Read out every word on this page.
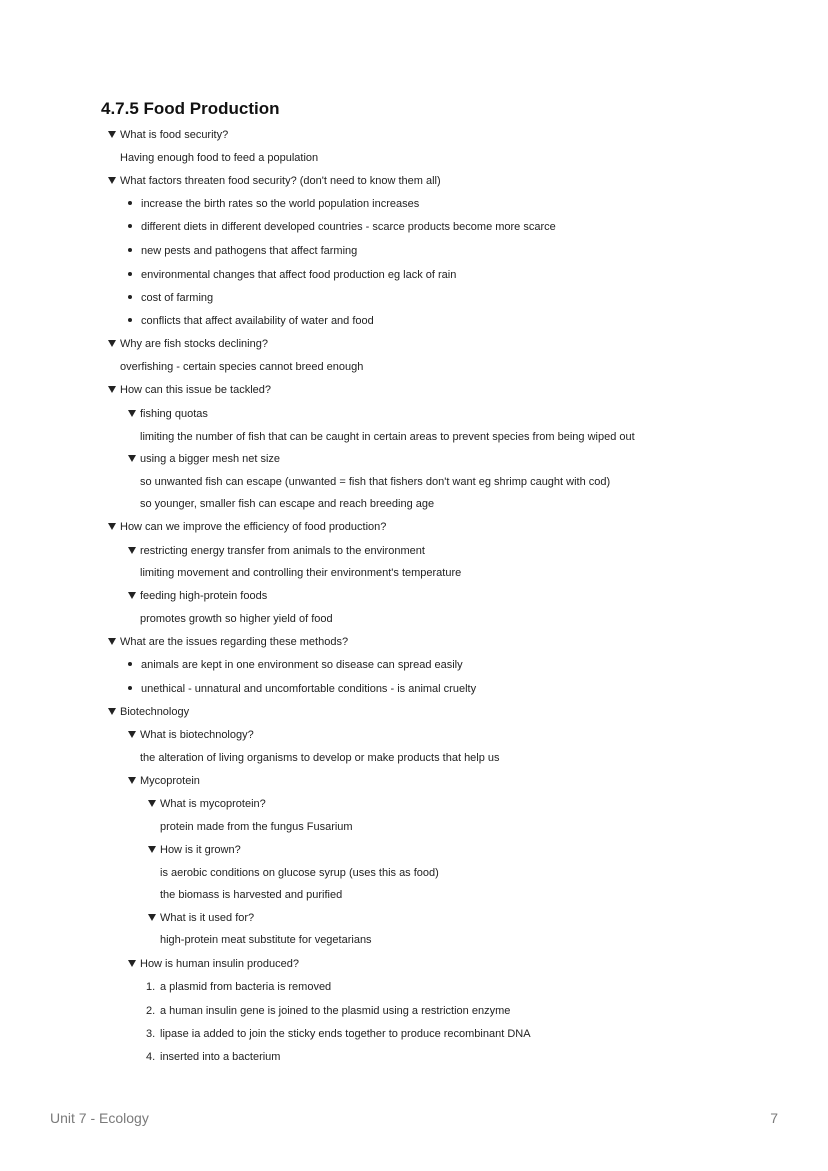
4.7.5 Food Production
What is food security?
Having enough food to feed a population
What factors threaten food security? (don't need to know them all)
increase the birth rates so the world population increases
different diets in different developed countries - scarce products become more scarce
new pests and pathogens that affect farming
environmental changes that affect food production eg lack of rain
cost of farming
conflicts that affect availability of water and food
Why are fish stocks declining?
overfishing - certain species cannot breed enough
How can this issue be tackled?
fishing quotas
limiting the number of fish that can be caught in certain areas to prevent species from being wiped out
using a bigger mesh net size
so unwanted fish can escape (unwanted = fish that fishers don't want eg shrimp caught with cod)
so younger, smaller fish can escape and reach breeding age
How can we improve the efficiency of food production?
restricting energy transfer from animals to the environment
limiting movement and controlling their environment's temperature
feeding high-protein foods
promotes growth so higher yield of food
What are the issues regarding these methods?
animals are kept in one environment so disease can spread easily
unethical - unnatural and uncomfortable conditions - is animal cruelty
Biotechnology
What is biotechnology?
the alteration of living organisms to develop or make products that help us
Mycoprotein
What is mycoprotein?
protein made from the fungus Fusarium
How is it grown?
is aerobic conditions on glucose syrup (uses this as food)
the biomass is harvested and purified
What is it used for?
high-protein meat substitute for vegetarians
How is human insulin produced?
1. a plasmid from bacteria is removed
2. a human insulin gene is joined to the plasmid using a restriction enzyme
3. lipase ia added to join the sticky ends together to produce recombinant DNA
4. inserted into a bacterium
Unit 7 - Ecology	7
